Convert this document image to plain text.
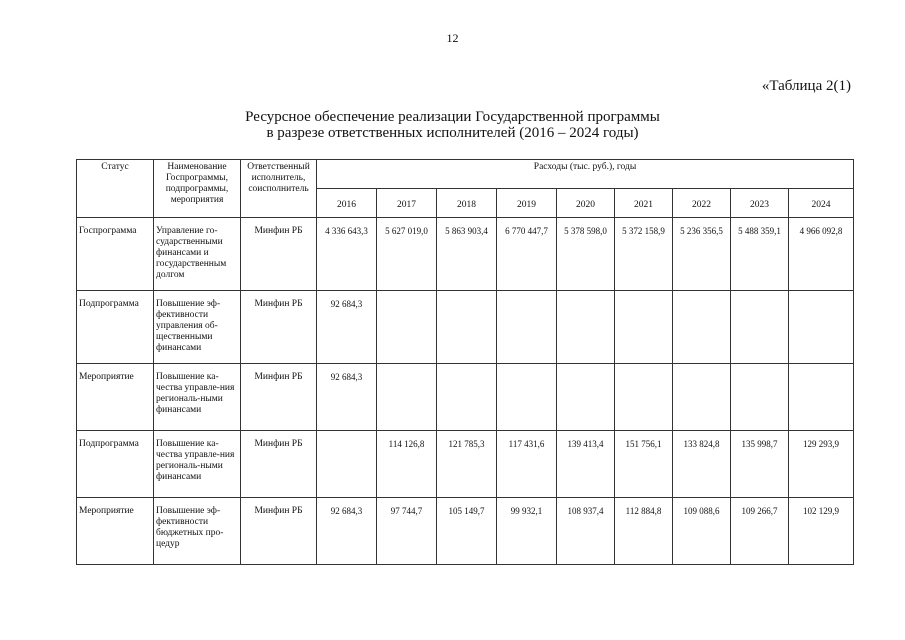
12
«Таблица 2(1)
Ресурсное обеспечение реализации Государственной программы
в разрезе ответственных исполнителей (2016 – 2024 годы)
Статус	Наименование Госпрограммы, подпрограммы, мероприятия	Ответственный исполнитель, соисполнитель	Расходы (тыс. руб.), годы								
			2016	2017	2018	2019	2020	2021	2022	2023	2024
Госпрограмма	Управление го-сударственными финансами и государственным долгом	Минфин РБ	4 336 643,3	5 627 019,0	5 863 903,4	6 770 447,7	5 378 598,0	5 372 158,9	5 236 356,5	5 488 359,1	4 966 092,8
Подпрограмма	Повышение эф-фективности управления об-щественными финансами	Минфин РБ	92 684,3								
Мероприятие	Повышение ка-чества управле-ния региональ-ными финансами	Минфин РБ	92 684,3								
Подпрограмма	Повышение ка-чества управле-ния региональ-ными финансами	Минфин РБ		114 126,8	121 785,3	117 431,6	139 413,4	151 756,1	133 824,8	135 998,7	129 293,9
Мероприятие	Повышение эф-фективности бюджетных про-цедур	Минфин РБ	92 684,3	97 744,7	105 149,7	99 932,1	108 937,4	112 884,8	109 088,6	109 266,7	102 129,9
